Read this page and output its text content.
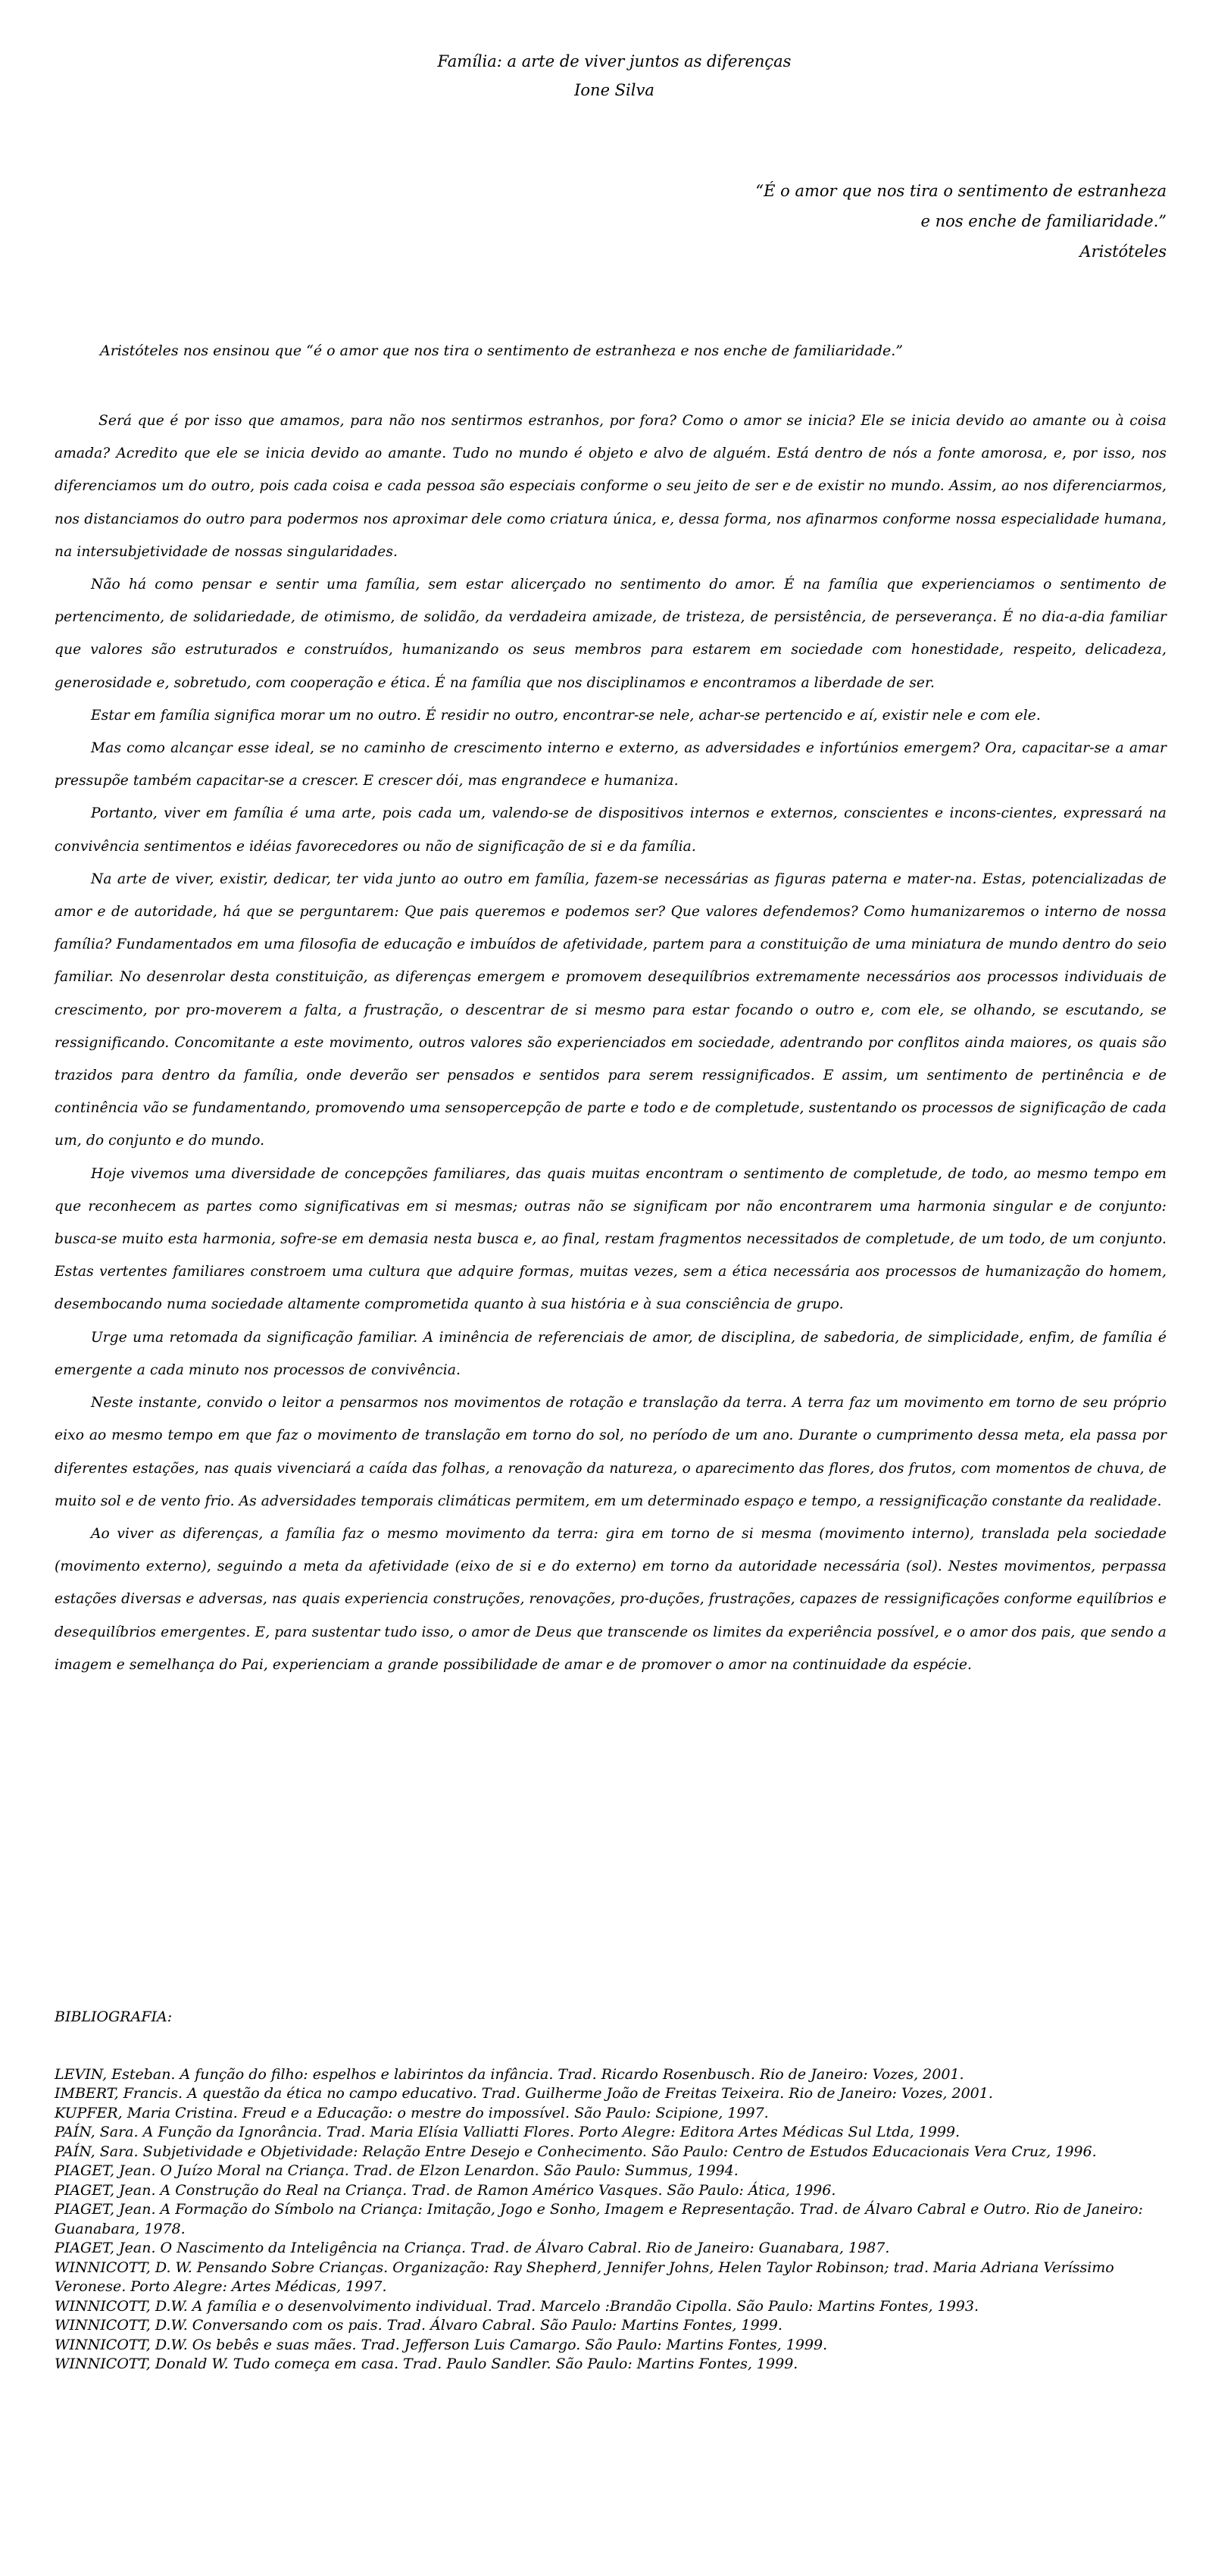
Família: a arte de viver juntos as diferenças
Ione Silva
“É o amor que nos tira o sentimento de estranheza
e nos enche de familiaridade.”
Aristóteles
Aristóteles nos ensinou que “é o amor que nos tira o sentimento de estranheza e nos enche de familiaridade.”

Será que é por isso que amamos, para não nos sentirmos estranhos, por fora? Como o amor se inicia? Ele se inicia devido ao amante ou à coisa amada? Acredito que ele se inicia devido ao amante. Tudo no mundo é objeto e alvo de alguém. Está dentro de nós a fonte amorosa, e, por isso, nos diferenciamos um do outro, pois cada coisa e cada pessoa são especiais conforme o seu jeito de ser e de existir no mundo. Assim, ao nos diferenciarmos, nos distanciamos do outro para podermos nos aproximar dele como criatura única, e, dessa forma, nos afinarmos conforme nossa especialidade humana, na intersubjetividade de nossas singularidades.

Não há como pensar e sentir uma família, sem estar alicerçado no sentimento do amor. É na família que experienciamos o sentimento de pertencimento, de solidariedade, de otimismo, de solidão, da verdadeira amizade, de tristeza, de persistência, de perseverança. É no dia-a-dia familiar que valores são estruturados e construídos, humanizando os seus membros para estarem em sociedade com honestidade, respeito, delicadeza, generosidade e, sobretudo, com cooperação e ética. É na família que nos disciplinamos e encontramos a liberdade de ser.

Estar em família significa morar um no outro. É residir no outro, encontrar-se nele, achar-se pertencido e aí, existir nele e com ele.

Mas como alcançar esse ideal, se no caminho de crescimento interno e externo, as adversidades e infortúnios emergem? Ora, capacitar-se a amar pressupõe também capacitar-se a crescer. E crescer dói, mas engrandece e humaniza.

Portanto, viver em família é uma arte, pois cada um, valendo-se de dispositivos internos e externos, conscientes e incons-cientes, expressará na convivência sentimentos e idéias favorecedores ou não de significação de si e da família.

Na arte de viver, existir, dedicar, ter vida junto ao outro em família, fazem-se necessárias as figuras paterna e mater-na. Estas, potencializadas de amor e de autoridade, há que se perguntarem: Que pais queremos e podemos ser? Que valores defendemos? Como humanizaremos o interno de nossa família? Fundamentados em uma filosofia de educação e imbuídos de afetividade, partem para a constituição de uma miniatura de mundo dentro do seio familiar. No desenrolar desta constituição, as diferenças emergem e promovem desequilíbrios extremamente necessários aos processos individuais de crescimento, por pro-moverem a falta, a frustração, o descentrar de si mesmo para estar focando o outro e, com ele, se olhando, se escutando, se ressignificando. Concomitante a este movimento, outros valores são experienciados em sociedade, adentrando por conflitos ainda maiores, os quais são trazidos para dentro da família, onde deverão ser pensados e sentidos para serem ressignificados. E assim, um sentimento de pertinência e de continência vão se fundamentando, promovendo uma sensopercepção de parte e todo e de completude, sustentando os processos de significação de cada um, do conjunto e do mundo.

Hoje vivemos uma diversidade de concepções familiares, das quais muitas encontram o sentimento de completude, de todo, ao mesmo tempo em que reconhecem as partes como significativas em si mesmas; outras não se significam por não encontrarem uma harmonia singular e de conjunto: busca-se muito esta harmonia, sofre-se em demasia nesta busca e, ao final, restam fragmentos necessitados de completude, de um todo, de um conjunto. Estas vertentes familiares constroem uma cultura que adquire formas, muitas vezes, sem a ética necessária aos processos de humanização do homem, desembocando numa sociedade altamente comprometida quanto à sua história e à sua consciência de grupo.

Urge uma retomada da significação familiar. A iminência de referenciais de amor, de disciplina, de sabedoria, de simplicidade, enfim, de família é emergente a cada minuto nos processos de convivência.

Neste instante, convido o leitor a pensarmos nos movimentos de rotação e translação da terra. A terra faz um movimento em torno de seu próprio eixo ao mesmo tempo em que faz o movimento de translação em torno do sol, no período de um ano. Durante o cumprimento dessa meta, ela passa por diferentes estações, nas quais vivenciará a caída das folhas, a renovação da natureza, o aparecimento das flores, dos frutos, com momentos de chuva, de muito sol e de vento frio. As adversidades temporais climáticas permitem, em um determinado espaço e tempo, a ressignificação constante da realidade.

Ao viver as diferenças, a família faz o mesmo movimento da terra: gira em torno de si mesma (movimento interno), translada pela sociedade (movimento externo), seguindo a meta da afetividade (eixo de si e do externo) em torno da autoridade necessária (sol). Nestes movimentos, perpassa estações diversas e adversas, nas quais experiencia construções, renovações, pro-duções, frustrações, capazes de ressignificações conforme equilíbrios e desequilíbrios emergentes. E, para sustentar tudo isso, o amor de Deus que transcende os limites da experiência possível, e o amor dos pais, que sendo a imagem e semelhança do Pai, experienciam a grande possibilidade de amar e de promover o amor na continuidade da espécie.

BIBLIOGRAFIA:
LEVIN, Esteban. A função do filho: espelhos e labirintos da infância. Trad. Ricardo Rosenbusch. Rio de Janeiro: Vozes, 2001.
IMBERT, Francis. A questão da ética no campo educativo. Trad. Guilherme João de Freitas Teixeira. Rio de Janeiro: Vozes, 2001.
KUPFER, Maria Cristina. Freud e a Educação: o mestre do impossível. São Paulo: Scipione, 1997.
PAÍN, Sara. A Função da Ignorância. Trad. Maria Elísia Valliatti Flores. Porto Alegre: Editora Artes Médicas Sul Ltda, 1999.
PAÍN, Sara. Subjetividade e Objetividade: Relação Entre Desejo e Conhecimento. São Paulo: Centro de Estudos Educacionais Vera Cruz, 1996.
PIAGET, Jean. O Juízo Moral na Criança. Trad. de Elzon Lenardon. São Paulo: Summus, 1994.
PIAGET, Jean. A Construção do Real na Criança. Trad. de Ramon Américo Vasques. São Paulo: Ática, 1996.
PIAGET, Jean. A Formação do Símbolo na Criança: Imitação, Jogo e Sonho, Imagem e Representação. Trad. de Álvaro Cabral e Outro. Rio de Janeiro: Guanabara, 1978.
PIAGET, Jean. O Nascimento da Inteligência na Criança. Trad. de Álvaro Cabral. Rio de Janeiro: Guanabara, 1987.
WINNICOTT, D. W. Pensando Sobre Crianças. Organização: Ray Shepherd, Jennifer Johns, Helen Taylor Robinson; trad. Maria Adriana Veríssimo Veronese. Porto Alegre: Artes Médicas, 1997.
WINNICOTT, D.W. A família e o desenvolvimento individual. Trad. Marcelo :Brandão Cipolla. São Paulo: Martins Fontes, 1993.
WINNICOTT, D.W. Conversando com os pais. Trad. Álvaro Cabral. São Paulo: Martins Fontes, 1999.
WINNICOTT, D.W. Os bebês e suas mães. Trad. Jefferson Luis Camargo. São Paulo: Martins Fontes, 1999.
WINNICOTT, Donald W. Tudo começa em casa. Trad. Paulo Sandler. São Paulo: Martins Fontes, 1999.
